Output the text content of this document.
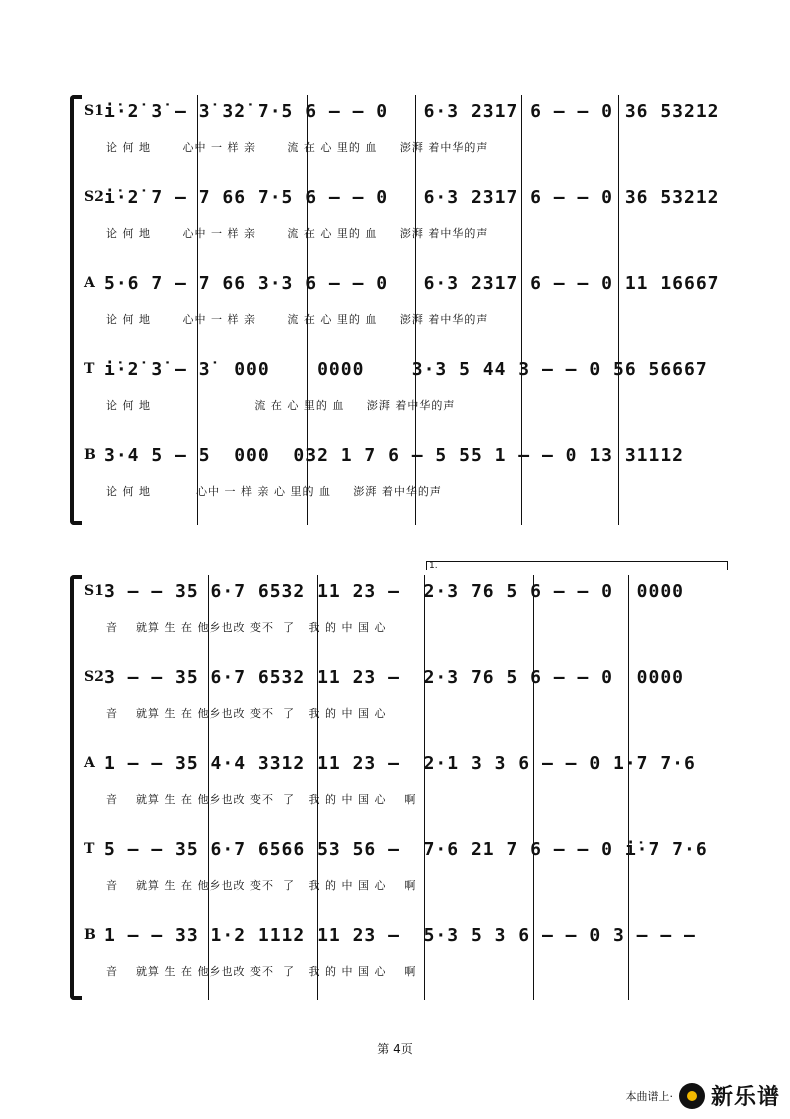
S1 i̇·2̇ 3̇ – 3̇ 3̇2̇ 7·5 6 – – 0   6·3 2317 6 – – 0 36 53212
论 何 地       心中 一 样 亲       流 在 心 里的 血     澎湃 着中华的声
S2 i̇·2̇ 7 – 7 66 7·5 6 – – 0   6·3 2317 6 – – 0 36 53212
论 何 地       心中 一 样 亲       流 在 心 里的 血     澎湃 着中华的声
A 5·6 7 – 7 66 3·3 6 – – 0   6·3 2317 6 – – 0 11 16667
论 何 地       心中 一 样 亲       流 在 心 里的 血     澎湃 着中华的声
T i̇·2̇ 3̇ – 3̇  000    0000    3·3 5 44 3 – – 0 56 56667
论 何 地                       流 在 心 里的 血     澎湃 着中华的声
B 3·4 5 – 5  000  032 1 7 6 – 5 55 1 – – 0 13 31112
论 何 地          心中 一 样 亲 心 里的 血     澎湃 着中华的声
1.
S1 3 – – 35 6·7 6532 11 23 –  2·3 76 5 6 – – 0  0000
音    就算 生 在 他乡也改 变不  了   我 的 中 国 心
S2 3 – – 35 6·7 6532 11 23 –  2·3 76 5 6 – – 0  0000
音    就算 生 在 他乡也改 变不  了   我 的 中 国 心
A 1 – – 35 4·4 3312 11 23 –  2·1 3 3 6 – – 0 1·7 7·6
音    就算 生 在 他乡也改 变不  了   我 的 中 国 心    啊
T 5 – – 35 6·7 6566 53 56 –  7·6 21 7 6 – – 0 i̇·7 7·6
音    就算 生 在 他乡也改 变不  了   我 的 中 国 心    啊
B 1 – – 33 1·2 1112 11 23 –  5·3 5 3 6 – – 0 3 – – –
音    就算 生 在 他乡也改 变不  了   我 的 中 国 心    啊
第 4页
本曲谱上· 新乐谱
